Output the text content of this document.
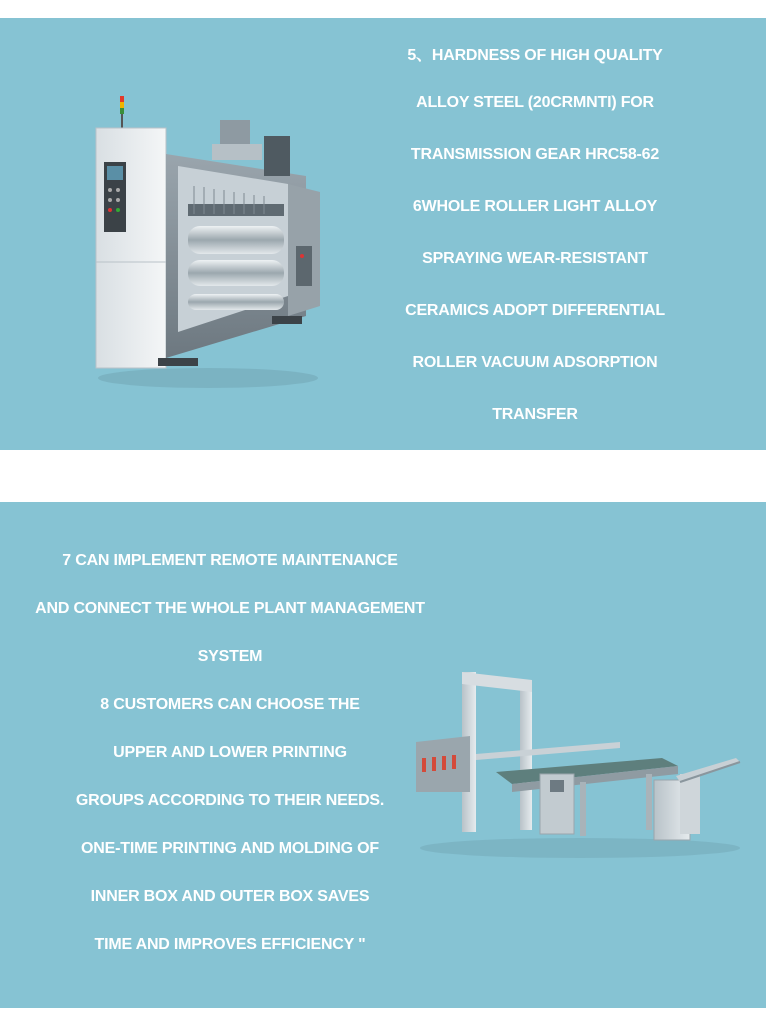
5、HARDNESS OF HIGH QUALITY
ALLOY STEEL (20CRMNTI) FOR
TRANSMISSION GEAR HRC58-62
6WHOLE ROLLER LIGHT ALLOY
SPRAYING WEAR-RESISTANT
CERAMICS ADOPT DIFFERENTIAL
ROLLER VACUUM ADSORPTION
TRANSFER
7 CAN IMPLEMENT REMOTE MAINTENANCE
AND CONNECT THE WHOLE PLANT MANAGEMENT
SYSTEM
8 CUSTOMERS CAN CHOOSE THE
UPPER AND LOWER PRINTING
GROUPS ACCORDING TO THEIR NEEDS.
ONE-TIME PRINTING AND MOLDING OF
INNER BOX AND OUTER BOX SAVES
TIME AND IMPROVES EFFICIENCY "
